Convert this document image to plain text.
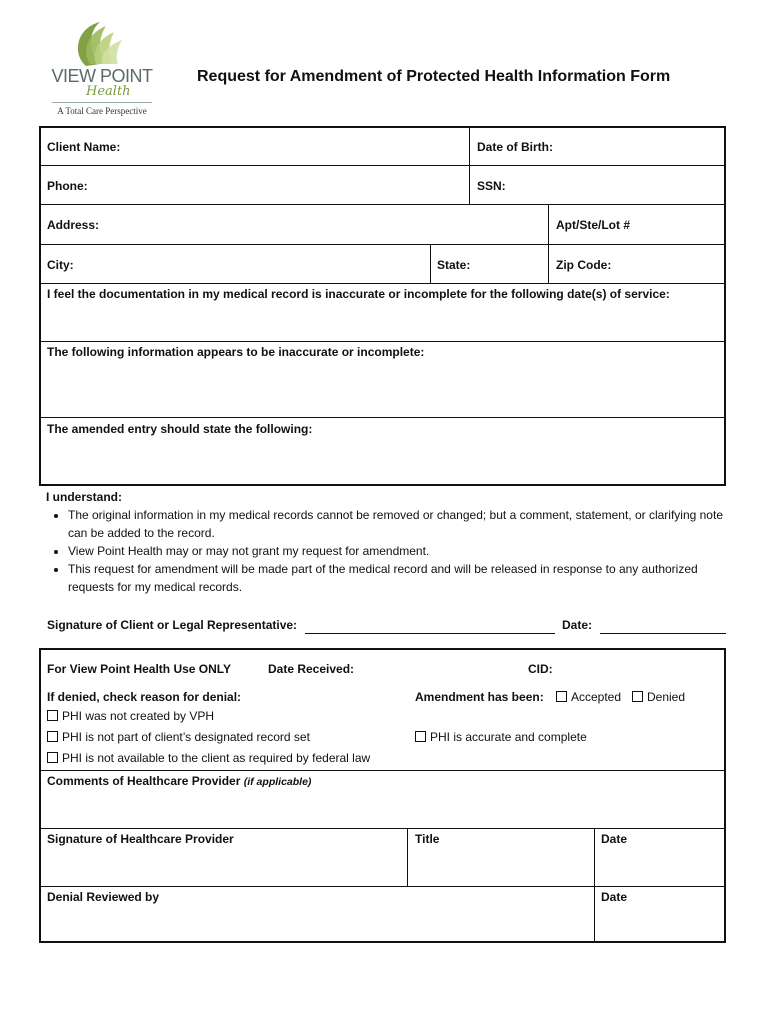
VIEW POINT
Health
A Total Care Perspective
Request for Amendment of Protected Health Information Form
Client Name:	Date of Birth:
Phone:	SSN:
Address:	Apt/Ste/Lot #
City:	State:	Zip Code:
I feel the documentation in my medical record is inaccurate or incomplete for the following date(s) of service:
The following information appears to be inaccurate or incomplete:
The amended entry should state the following:
I understand:
• The original information in my medical records cannot be removed or changed; but a comment, statement, or clarifying note can be added to the record.
• View Point Health may or may not grant my request for amendment.
• This request for amendment will be made part of the medical record and will be released in response to any authorized requests for my medical records.
Signature of Client or Legal Representative:	Date:
For View Point Health Use ONLY	Date Received:	CID:
If denied, check reason for denial:	Amendment has been:	Accepted	Denied
PHI was not created by VPH
PHI is not part of client’s designated record set	PHI is accurate and complete
PHI is not available to the client as required by federal law
Comments of Healthcare Provider (if applicable)
Signature of Healthcare Provider	Title	Date
Denial Reviewed by	Date
